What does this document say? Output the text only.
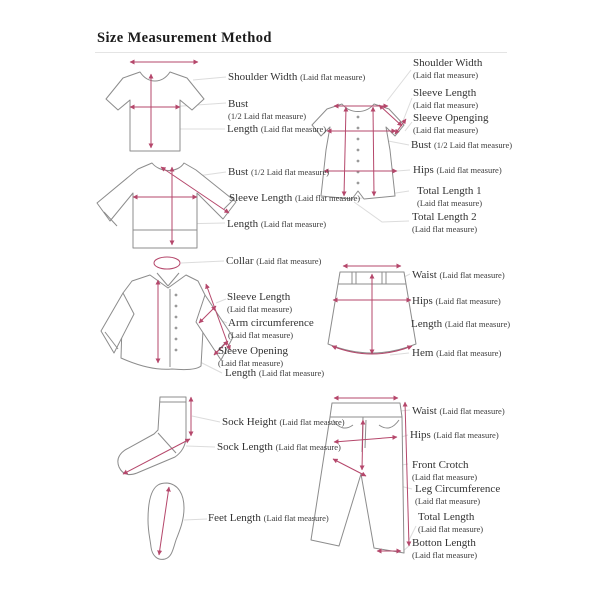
Size Measurement Method
Shoulder Width (Laid flat measure)
Bust
(1/2 Laid flat measure)
Length (Laid flat measure)
Bust (1/2 Laid flat measure)
Sleeve Length (Laid flat measure)
Length (Laid flat measure)
Collar (Laid flat measure)
Sleeve Length
(Laid flat measure)
Arm circumference
(Laid flat measure)
Sleeve Opening
(Laid flat measure)
Length (Laid flat measure)
Sock Height (Laid flat measure)
Sock Length (Laid flat measure)
Feet Length (Laid flat measure)
Shoulder Width
(Laid flat measure)
Sleeve Length
(Laid flat measure)
Sleeve Openging
(Laid flat measure)
Bust (1/2 Laid flat measure)
Hips (Laid flat measure)
Total Length 1
(Laid flat measure)
Total Length 2
(Laid flat measure)
Waist (Laid flat measure)
Hips (Laid flat measure)
Length (Laid flat measure)
Hem (Laid flat measure)
Waist (Laid flat measure)
Hips (Laid flat measure)
Front Crotch
(Laid flat measure)
Leg Circumference
(Laid flat measure)
Total Length
(Laid flat measure)
Botton Length
(Laid flat measure)
